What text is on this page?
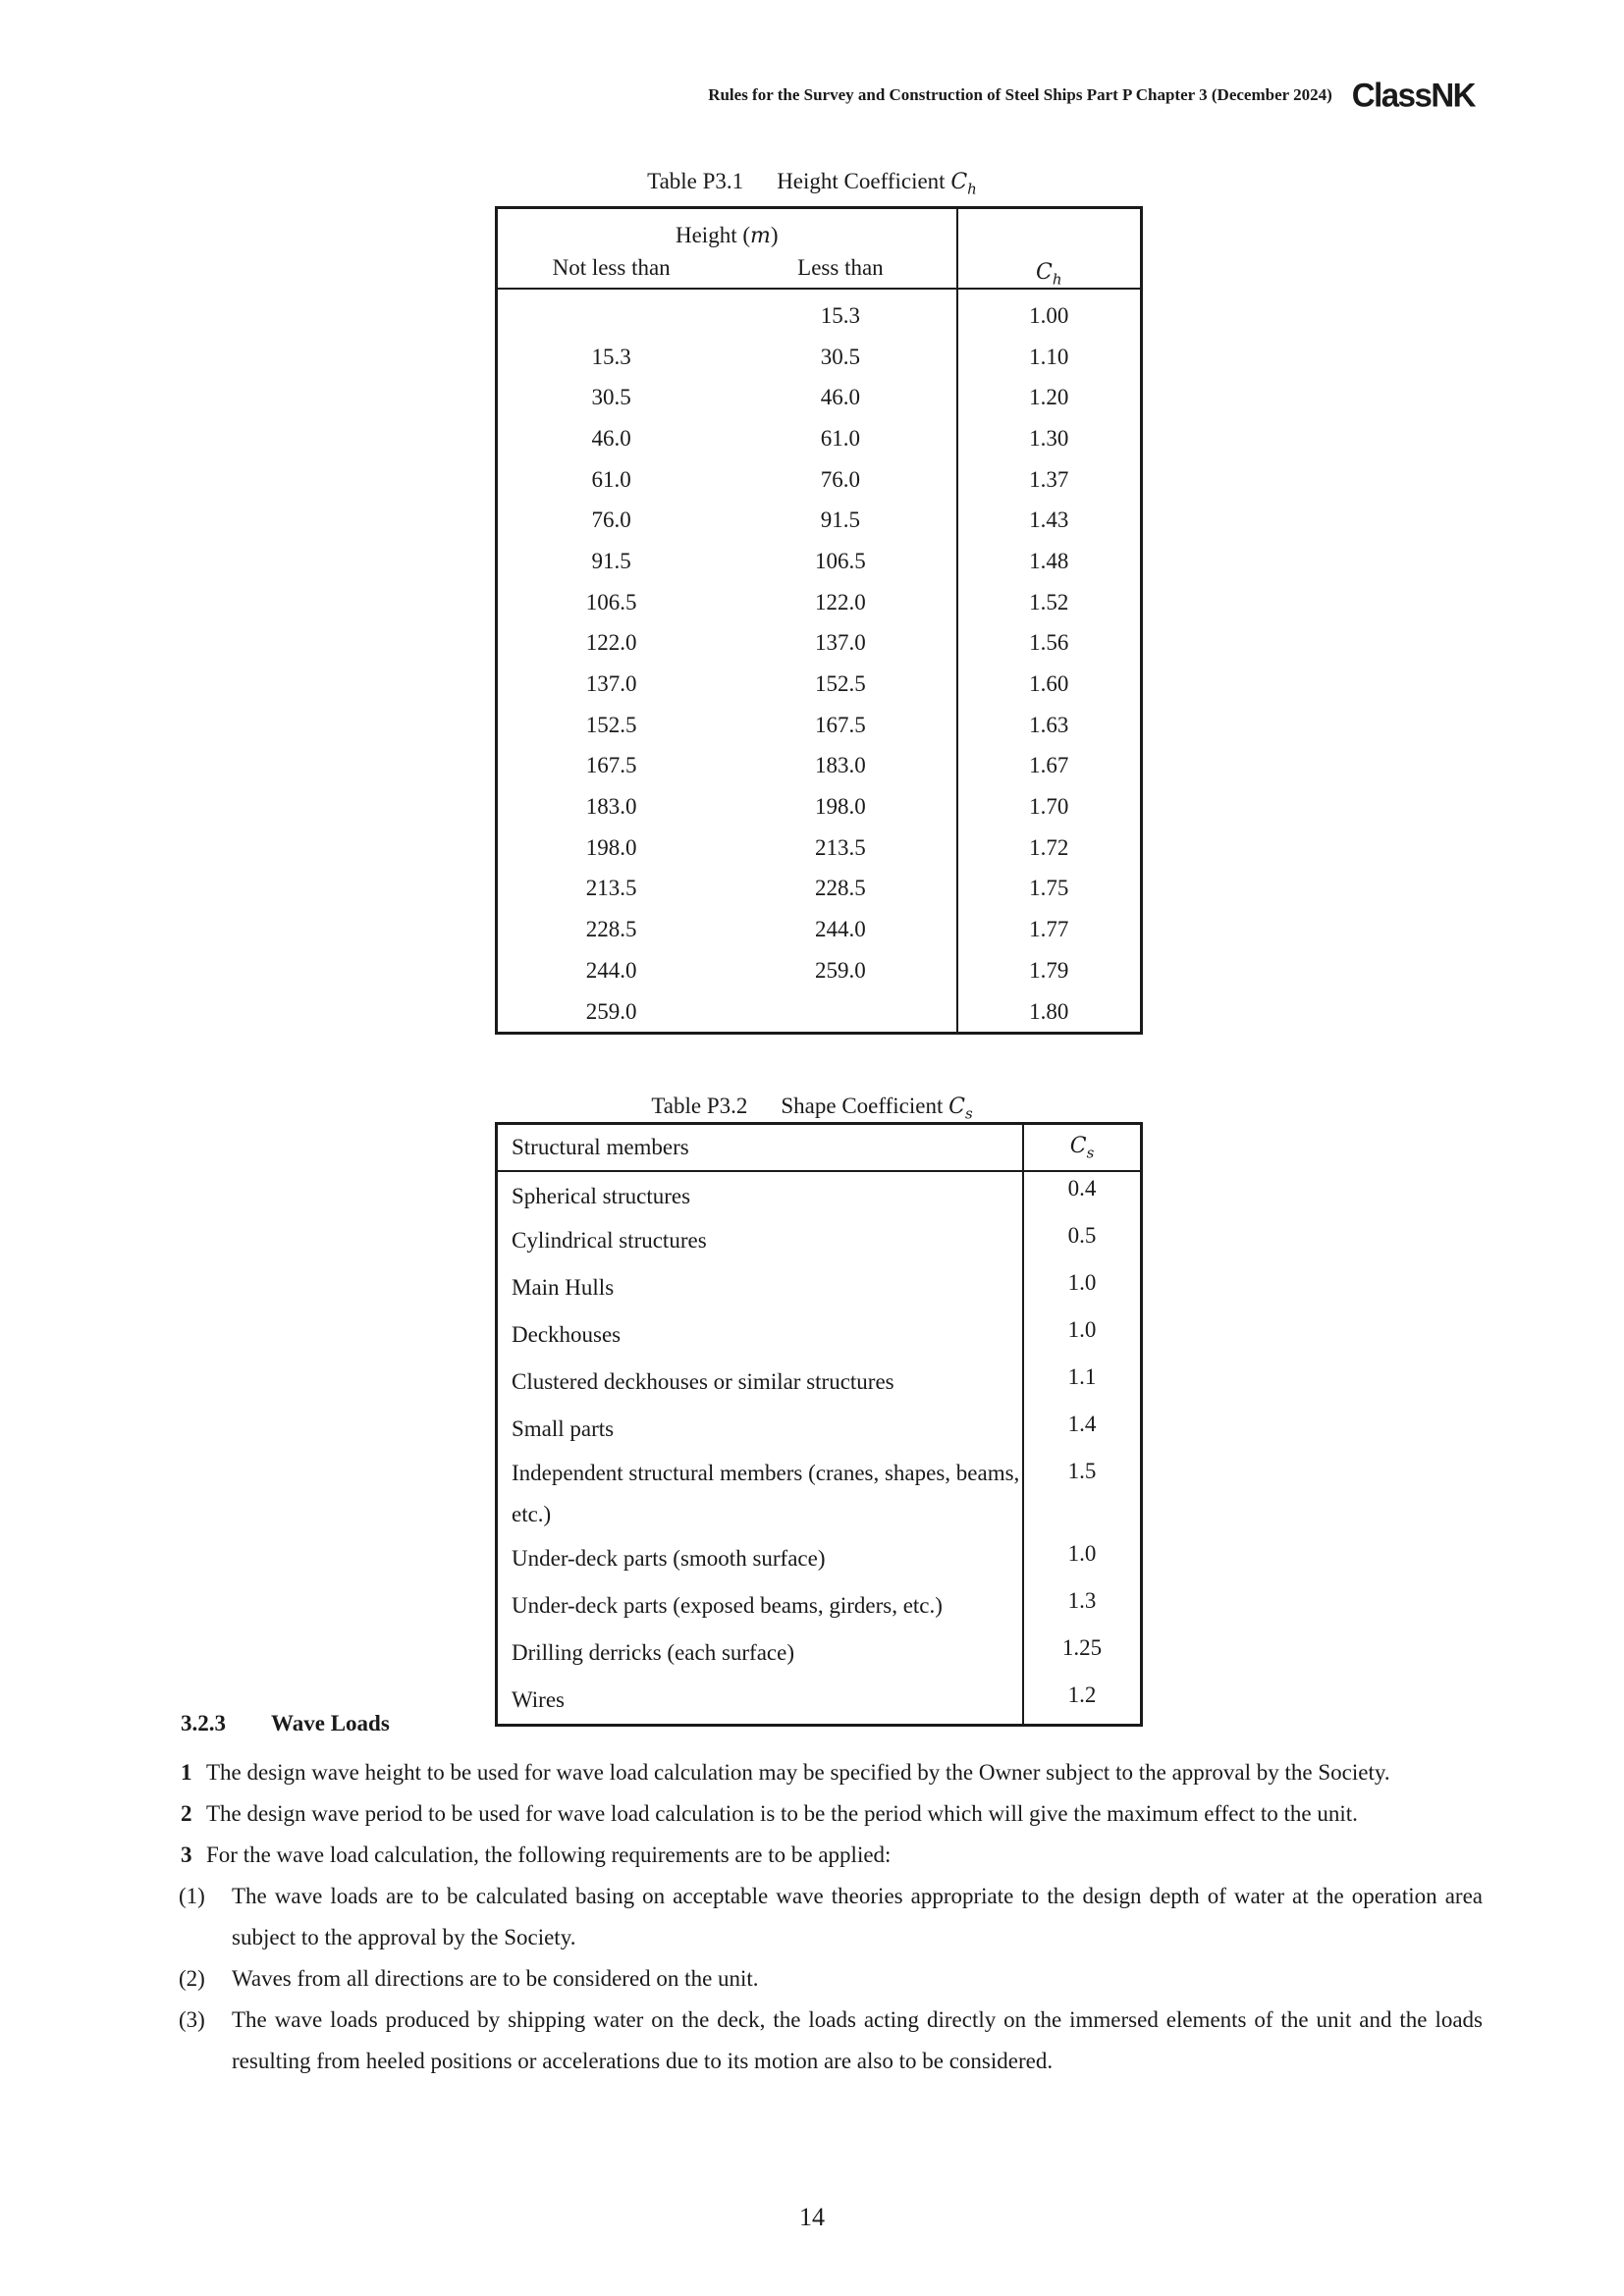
Rules for the Survey and Construction of Steel Ships Part P Chapter 3 (December 2024) ClassNK
Table P3.1 Height Coefficient $C_h$
Height (m)		$C_h$
Not less than	Less than	
	15.3	1.00
15.3	30.5	1.10
30.5	46.0	1.20
46.0	61.0	1.30
61.0	76.0	1.37
76.0	91.5	1.43
91.5	106.5	1.48
106.5	122.0	1.52
122.0	137.0	1.56
137.0	152.5	1.60
152.5	167.5	1.63
167.5	183.0	1.67
183.0	198.0	1.70
198.0	213.5	1.72
213.5	228.5	1.75
228.5	244.0	1.77
244.0	259.0	1.79
259.0		1.80
Table P3.2 Shape Coefficient $C_s$
Structural members	$C_s$
Spherical structures	0.4
Cylindrical structures	0.5
Main Hulls	1.0
Deckhouses	1.0
Clustered deckhouses or similar structures	1.1
Small parts	1.4
Independent structural members (cranes, shapes, beams, etc.)	1.5
Under-deck parts (smooth surface)	1.0
Under-deck parts (exposed beams, girders, etc.)	1.3
Drilling derricks (each surface)	1.25
Wires	1.2
3.2.3 Wave Loads
1 The design wave height to be used for wave load calculation may be specified by the Owner subject to the approval by the Society.
2 The design wave period to be used for wave load calculation is to be the period which will give the maximum effect to the unit.
3 For the wave load calculation, the following requirements are to be applied:
(1)	The wave loads are to be calculated basing on acceptable wave theories appropriate to the design depth of water at the operation area subject to the approval by the Society.
(2)	Waves from all directions are to be considered on the unit.
(3)	The wave loads produced by shipping water on the deck, the loads acting directly on the immersed elements of the unit and the loads resulting from heeled positions or accelerations due to its motion are also to be considered.
14
